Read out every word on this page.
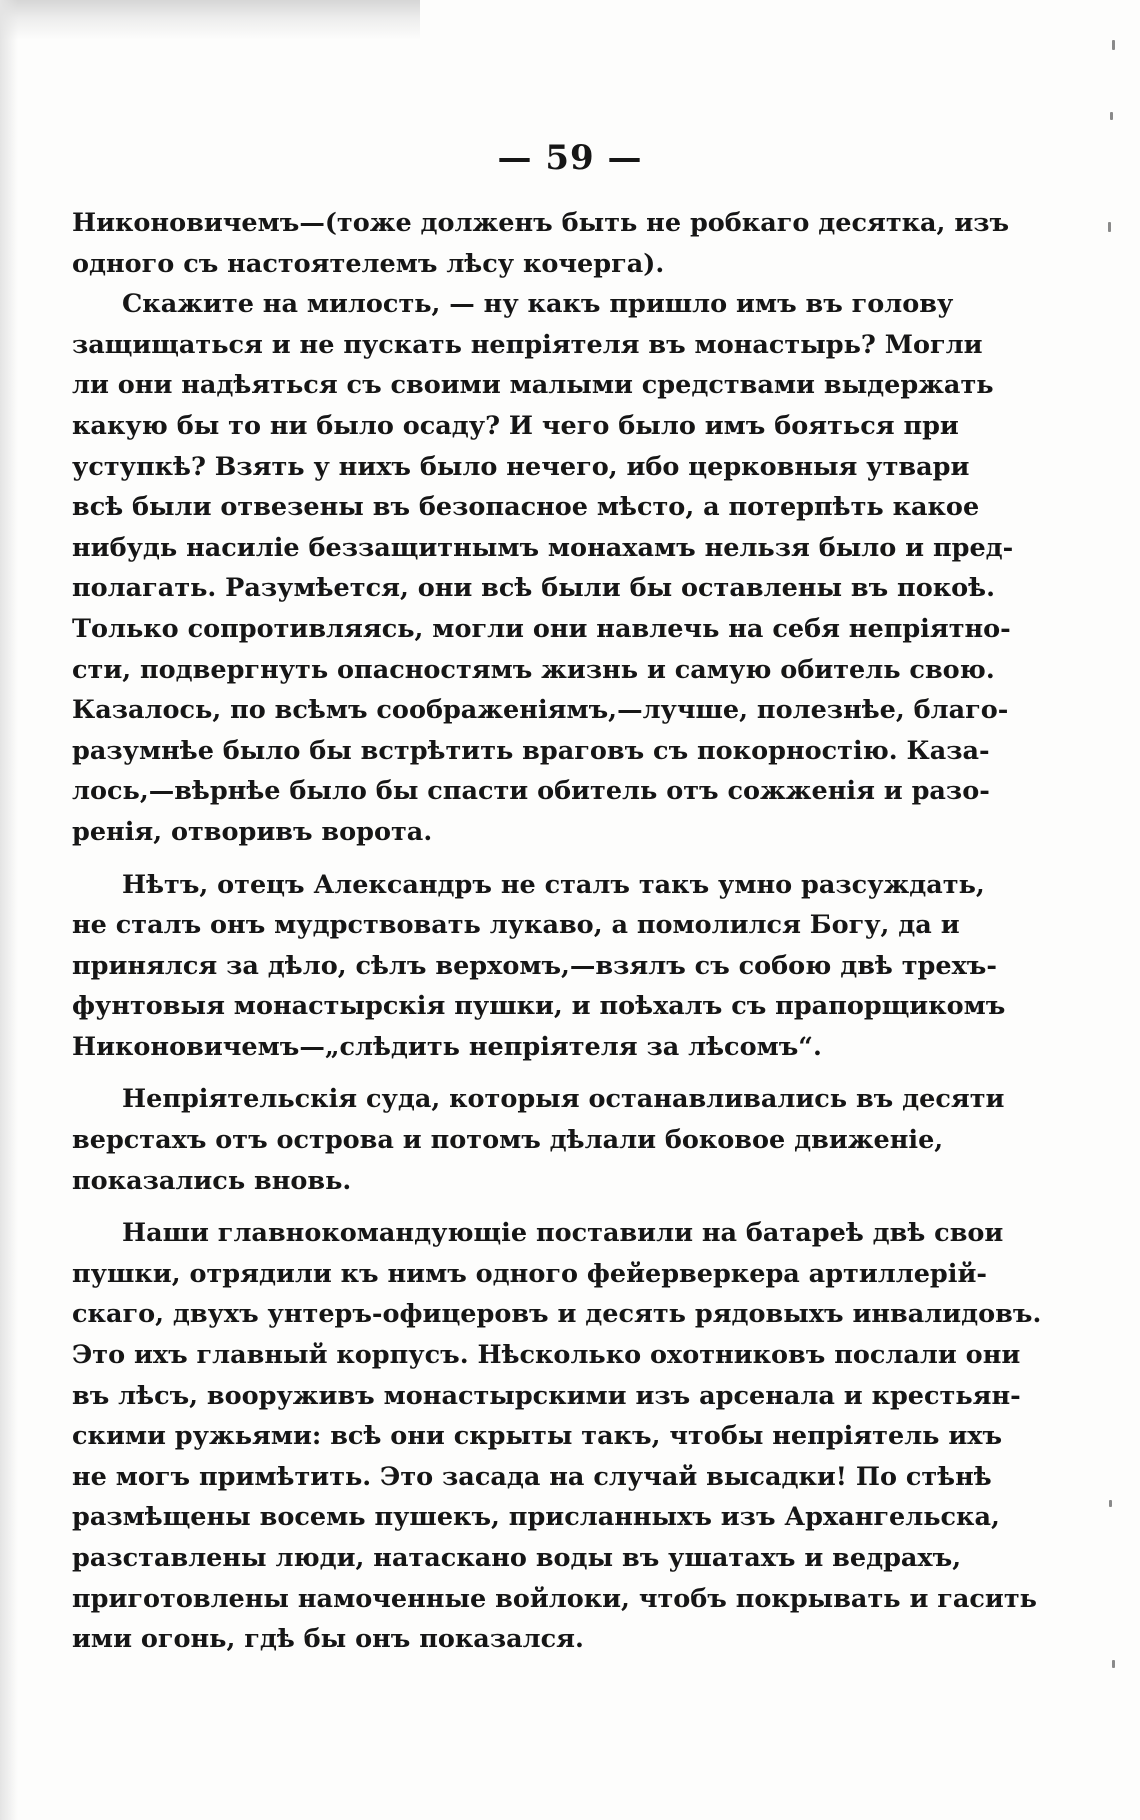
— 59 —
Никоновичемъ—(тоже долженъ быть не робкаго десятка, изъ
одного съ настоятелемъ лѣсу кочерга).
Скажите на милость, — ну какъ пришло имъ въ голову
защищаться и не пускать непріятеля въ монастырь? Могли
ли они надѣяться съ своими малыми средствами выдержать
какую бы то ни было осаду? И чего было имъ бояться при
уступкѣ? Взять у нихъ было нечего, ибо церковныя утвари
всѣ были отвезены въ безопасное мѣсто, а потерпѣть какое
нибудь насиліе беззащитнымъ монахамъ нельзя было и пред-
полагать. Разумѣется, они всѣ были бы оставлены въ покоѣ.
Только сопротивляясь, могли они навлечь на себя непріятно-
сти, подвергнуть опасностямъ жизнь и самую обитель свою.
Казалось, по всѣмъ соображеніямъ,—лучше, полезнѣе, благо-
разумнѣе было бы встрѣтить враговъ съ покорностію. Каза-
лось,—вѣрнѣе было бы спасти обитель отъ сожженія и разо-
ренія, отворивъ ворота.
Нѣтъ, отецъ Александръ не сталъ такъ умно разсуждать,
не сталъ онъ мудрствовать лукаво, а помолился Богу, да и
принялся за дѣло, сѣлъ верхомъ,—взялъ съ собою двѣ трехъ-
фунтовыя монастырскія пушки, и поѣхалъ съ прапорщикомъ
Никоновичемъ—„слѣдить непріятеля за лѣсомъ“.
Непріятельскія суда, которыя останавливались въ десяти
верстахъ отъ острова и потомъ дѣлали боковое движеніе,
показались вновь.
Наши главнокомандующіе поставили на батареѣ двѣ свои
пушки, отрядили къ нимъ одного фейерверкера артиллерій-
скаго, двухъ унтеръ-офицеровъ и десять рядовыхъ инвалидовъ.
Это ихъ главный корпусъ. Нѣсколько охотниковъ послали они
въ лѣсъ, вооруживъ монастырскими изъ арсенала и крестьян-
скими ружьями: всѣ они скрыты такъ, чтобы непріятель ихъ
не могъ примѣтить. Это засада на случай высадки! По стѣнѣ
размѣщены восемь пушекъ, присланныхъ изъ Архангельска,
разставлены люди, натаскано воды въ ушатахъ и ведрахъ,
приготовлены намоченные войлоки, чтобъ покрывать и гасить
ими огонь, гдѣ бы онъ показался.
